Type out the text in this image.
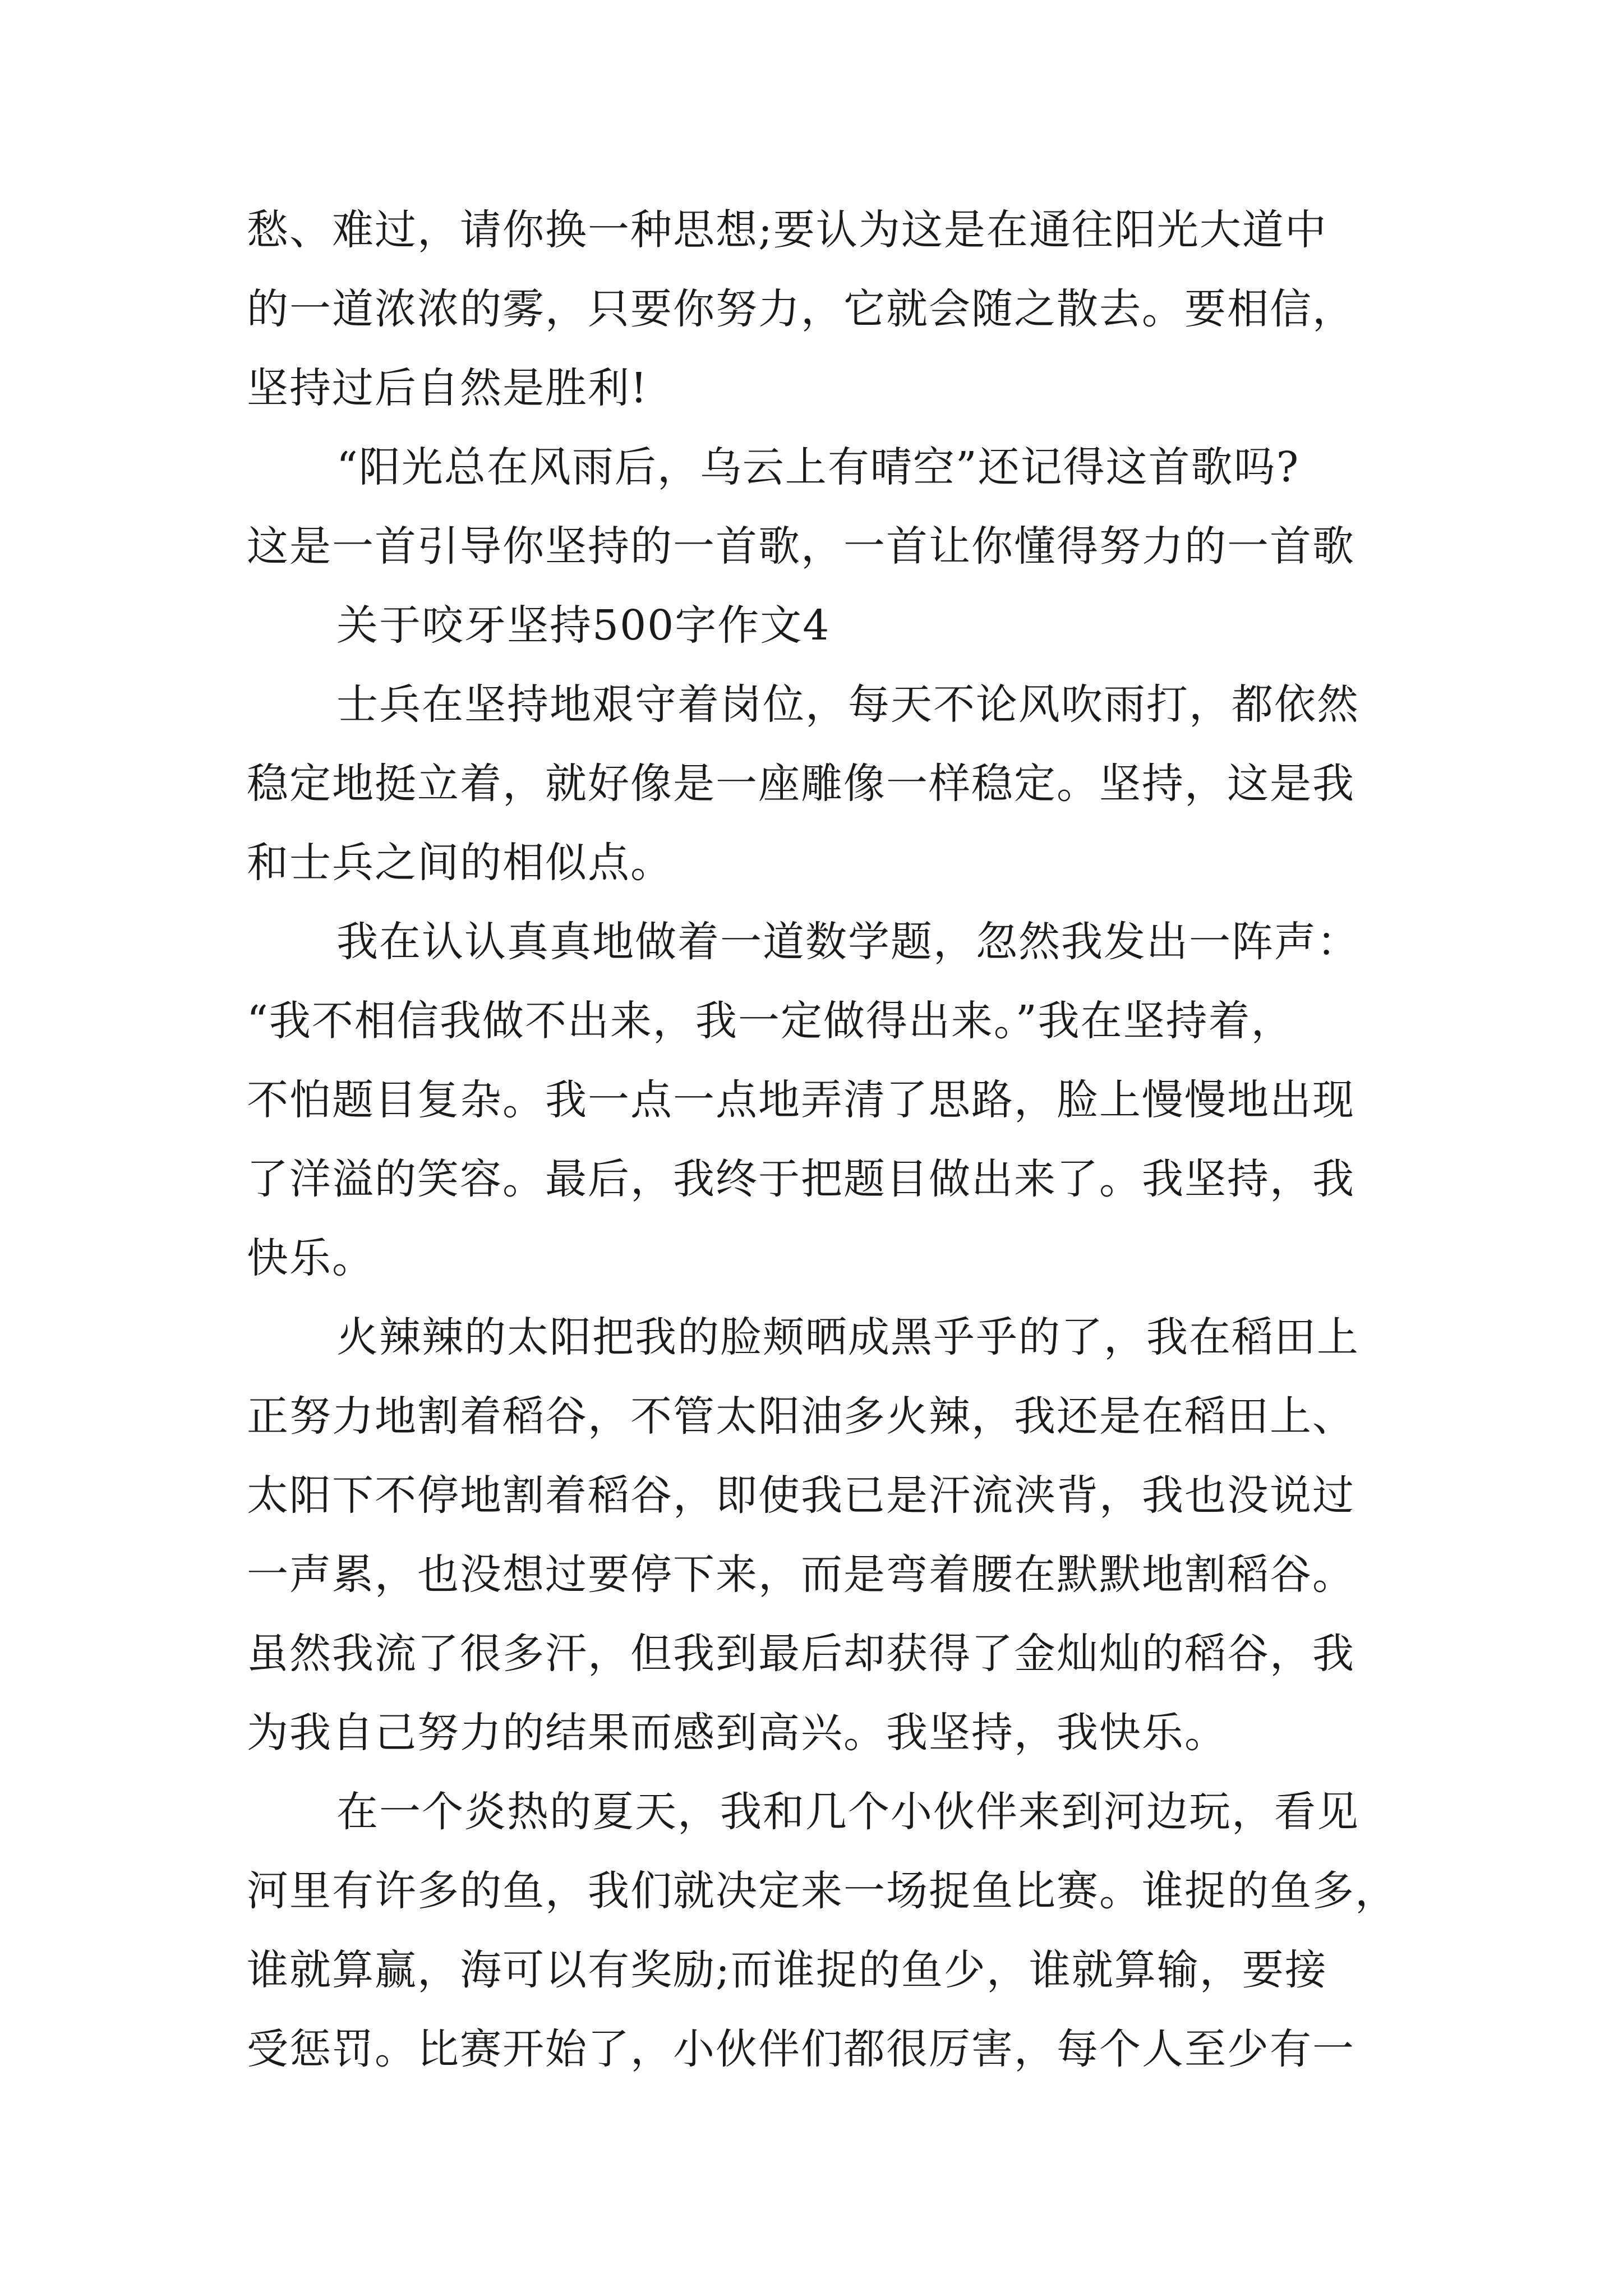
愁、难过，请你换一种思想;要认为这是在通往阳光大道中
的一道浓浓的雾，只要你努力，它就会随之散去。要相信，
坚持过后自然是胜利!
“阳光总在风雨后，乌云上有晴空”还记得这首歌吗?
这是一首引导你坚持的一首歌，一首让你懂得努力的一首歌
关于咬牙坚持500字作文4
士兵在坚持地艰守着岗位，每天不论风吹雨打，都依然
稳定地挺立着，就好像是一座雕像一样稳定。坚持，这是我
和士兵之间的相似点。
我在认认真真地做着一道数学题，忽然我发出一阵声：
“我不相信我做不出来，我一定做得出来。”我在坚持着，
不怕题目复杂。我一点一点地弄清了思路，脸上慢慢地出现
了洋溢的笑容。最后，我终于把题目做出来了。我坚持，我
快乐。
火辣辣的太阳把我的脸颊晒成黑乎乎的了，我在稻田上
正努力地割着稻谷，不管太阳油多火辣，我还是在稻田上、
太阳下不停地割着稻谷，即使我已是汗流浃背，我也没说过
一声累，也没想过要停下来，而是弯着腰在默默地割稻谷。
虽然我流了很多汗，但我到最后却获得了金灿灿的稻谷，我
为我自己努力的结果而感到高兴。我坚持，我快乐。
在一个炎热的夏天，我和几个小伙伴来到河边玩，看见
河里有许多的鱼，我们就决定来一场捉鱼比赛。谁捉的鱼多，
谁就算赢，海可以有奖励;而谁捉的鱼少，谁就算输，要接
受惩罚。比赛开始了，小伙伴们都很厉害，每个人至少有一
